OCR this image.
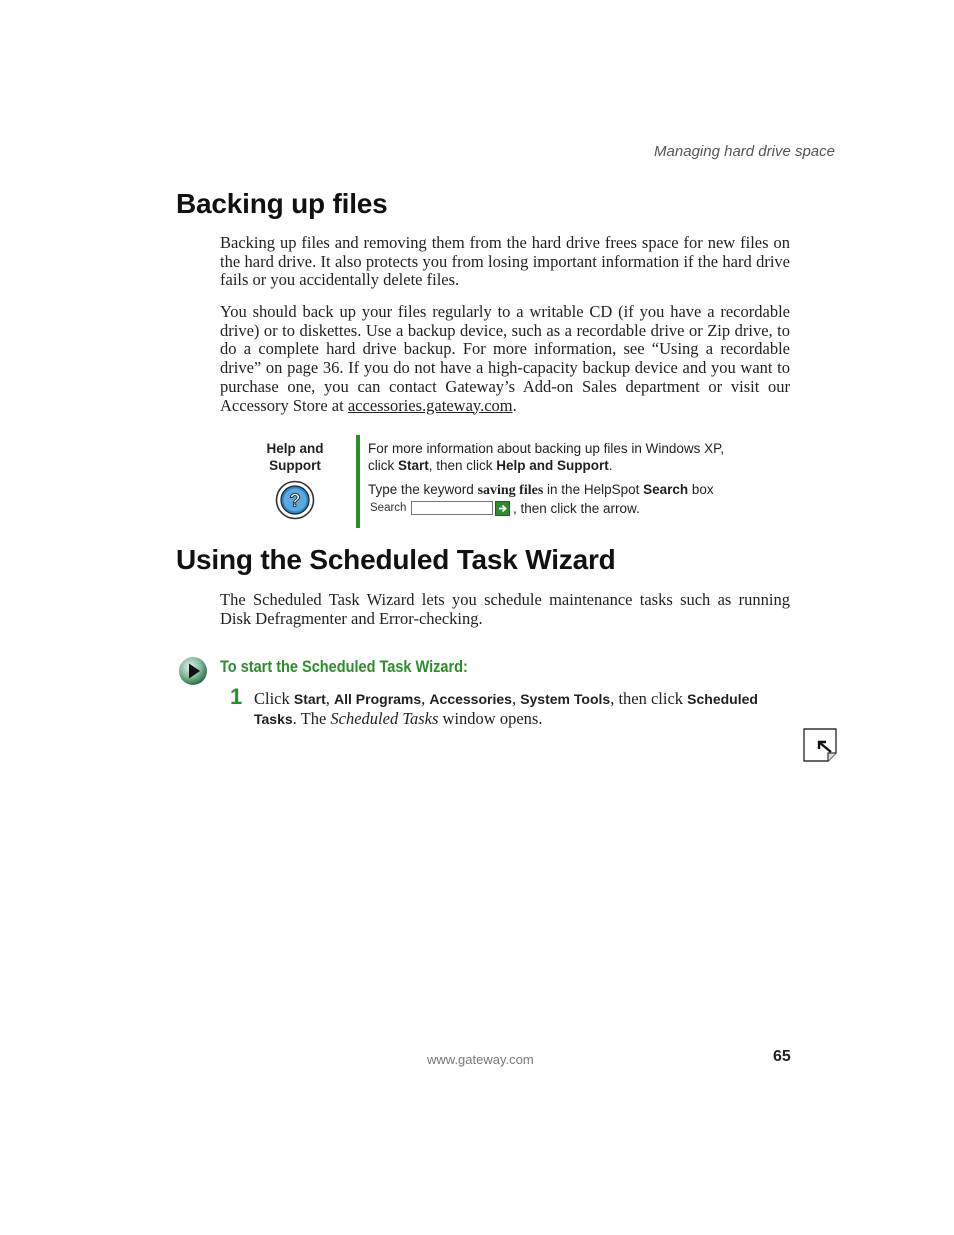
Managing hard drive space
Backing up files

Backing up files and removing them from the hard drive frees space for new files on the hard drive. It also protects you from losing important information if the hard drive fails or you accidentally delete files.

You should back up your files regularly to a writable CD (if you have a recordable drive) or to diskettes. Use a backup device, such as a recordable drive or Zip drive, to do a complete hard drive backup. For more information, see “Using a recordable drive” on page 36. If you do not have a high-capacity backup device and you want to purchase one, you can contact Gateway’s Add-on Sales department or visit our Accessory Store at accessories.gateway.com.

Help and
Support
?

For more information about backing up files in Windows XP, click Start, then click Help and Support.

Type the keyword saving files in the HelpSpot Search box

Search	, then click the arrow.
Using the Scheduled Task Wizard

The Scheduled Task Wizard lets you schedule maintenance tasks such as running Disk Defragmenter and Error-checking.

To start the Scheduled Task Wizard:

1 Click Start, All Programs, Accessories, System Tools, then click Scheduled Tasks. The Scheduled Tasks window opens.

www.gateway.com	65
